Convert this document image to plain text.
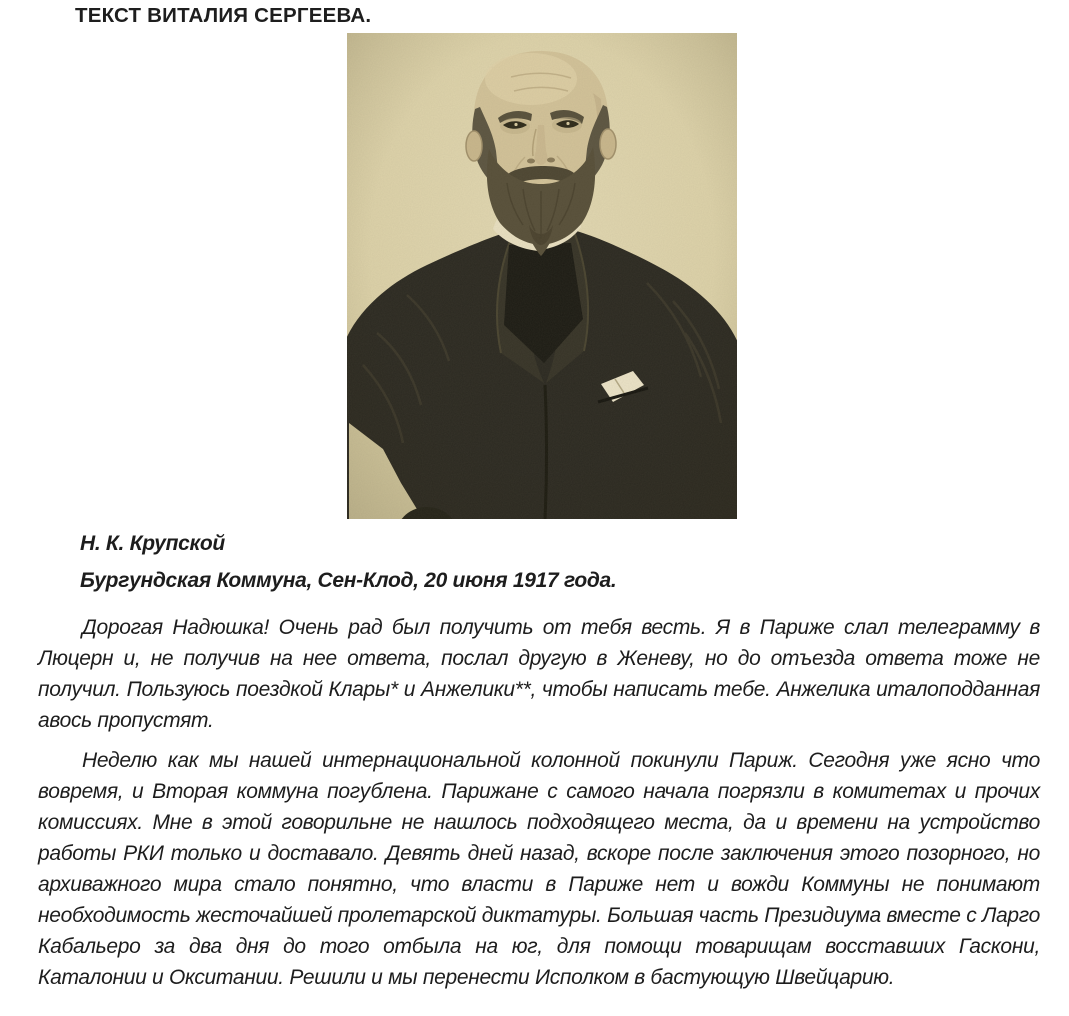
ТЕКСТ ВИТАЛИЯ СЕРГЕЕВА.

Н. К. Крупской

Бургундская Коммуна, Сен-Клод, 20 июня 1917 года.

Дорогая Надюшка! Очень рад был получить от тебя весть. Я в Париже слал телеграмму в Люцерн и, не получив на нее ответа, послал другую в Женеву, но до отъезда ответа тоже не получил. Пользуюсь поездкой Клары* и Анжелики**, чтобы написать тебе. Анжелика италоподданная авось пропустят.

Неделю как мы нашей интернациональной колонной покинули Париж. Сегодня уже ясно что вовремя, и Вторая коммуна погублена. Парижане с самого начала погрязли в комитетах и прочих комиссиях. Мне в этой говорильне не нашлось подходящего места, да и времени на устройство работы РКИ только и доставало. Девять дней назад, вскоре после заключения этого позорного, но архиважного мира стало понятно, что власти в Париже нет и вожди Коммуны не понимают необходимость жесточайшей пролетарской диктатуры. Большая часть Президиума вместе с Ларго Кабальеро за два дня до того отбыла на юг, для помощи товарищам восставших Гаскони, Каталонии и Окситании. Решили и мы перенести Исполком в бастующую Швейцарию.
